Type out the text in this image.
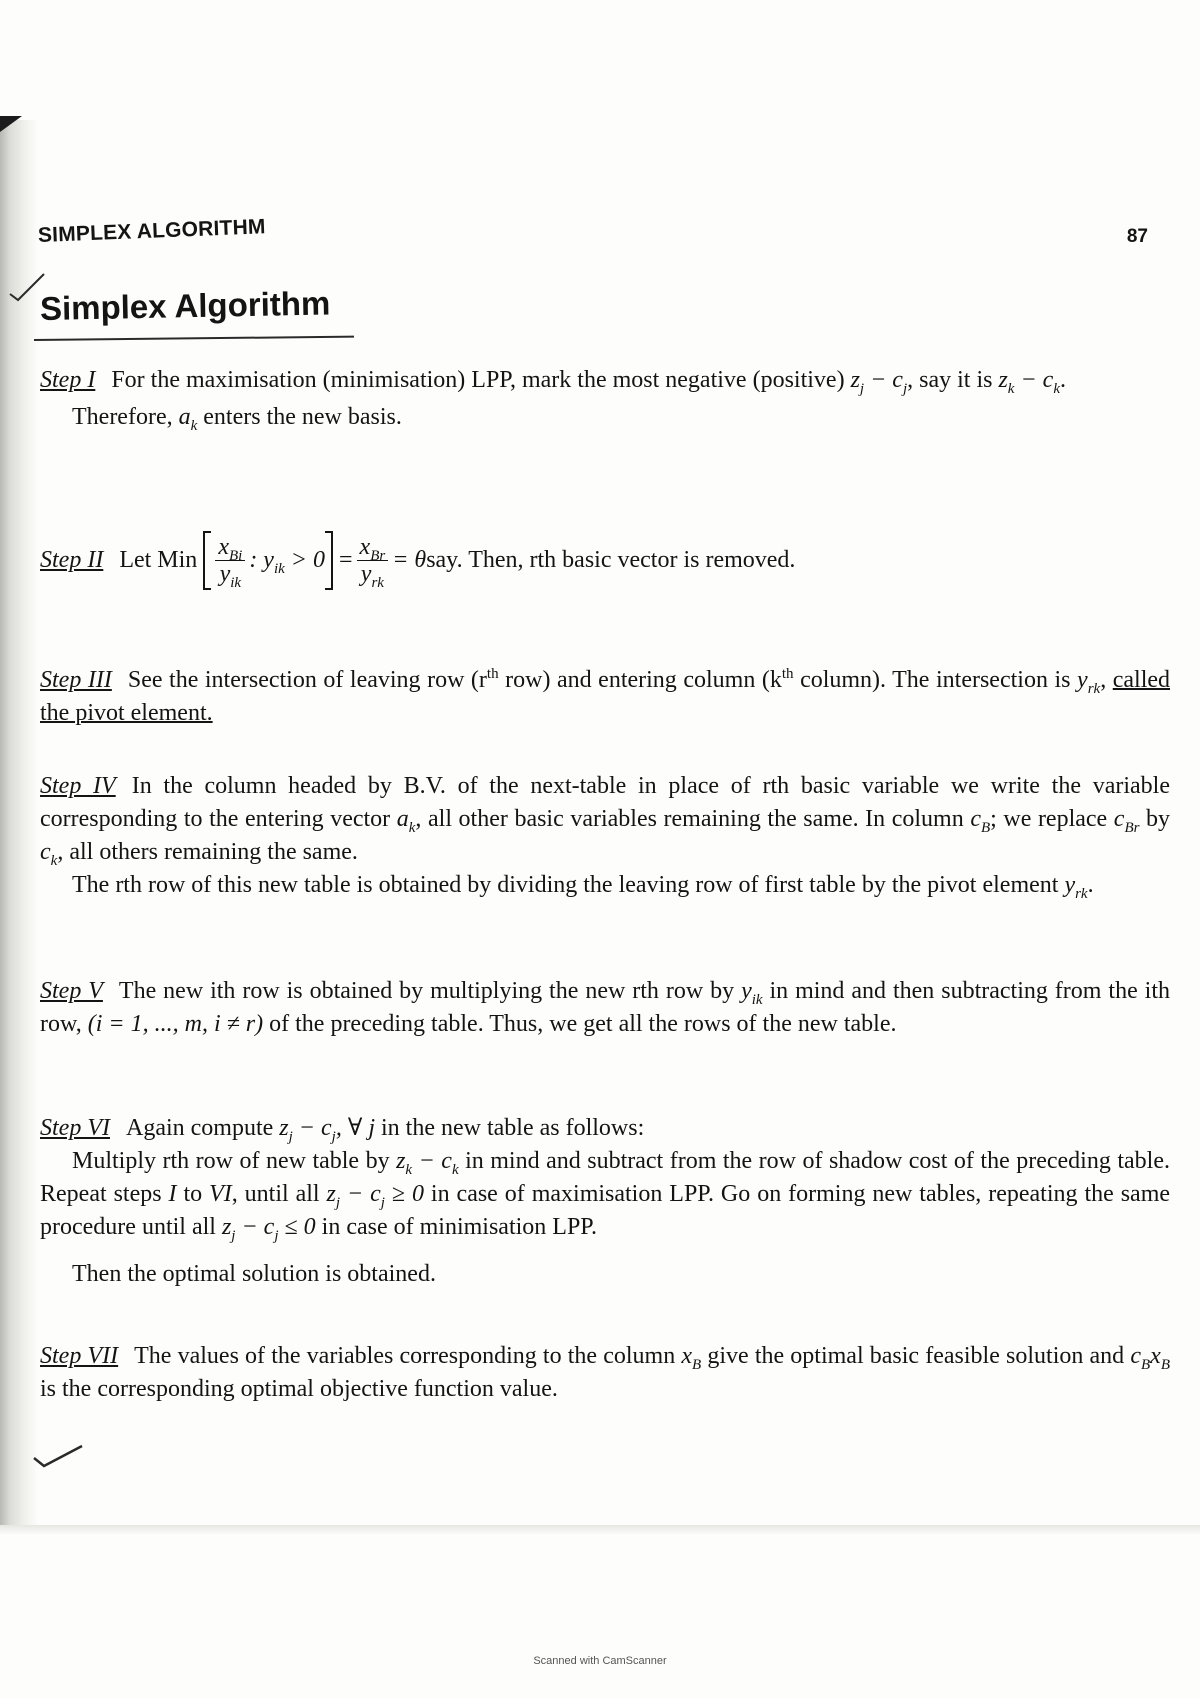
SIMPLEX ALGORITHM	87
Simplex Algorithm

Step I For the maximisation (minimisation) LPP, mark the most negative (positive) $z_j - c_j$, say it is $z_k - c_k$.

Therefore, $a_k$ enters the new basis.

Step II Let Min $\frac{x_{Bi}}{y_{ik}}$ : $y_{ik} > 0 = \frac{x_{Br}}{y_{rk}} = \theta$ say. Then, rth basic vector is removed.

Step III See the intersection of leaving row ($r^{th}$ row) and entering column ($k^{th}$ column). The intersection is $y_{rk}$, called the pivot element.

Step IV In the column headed by B.V. of the next-table in place of rth basic variable we write the variable corresponding to the entering vector $a_k$, all other basic variables remaining the same. In column $c_B$; we replace $c_{Br}$ by $c_k$, all others remaining the same.

The rth row of this new table is obtained by dividing the leaving row of first table by the pivot element $y_{rk}$.

Step V The new ith row is obtained by multiplying the new rth row by $y_{ik}$ in mind and then subtracting from the ith row, (i = 1, ..., m, i ≠ r) of the preceding table. Thus, we get all the rows of the new table.

Step VI Again compute $z_j - c_j$, ∀ j in the new table as follows:

Multiply rth row of new table by $z_k - c_k$ in mind and subtract from the row of shadow cost of the preceding table. Repeat steps I to VI, until all $z_j - c_j \ge 0$ in case of maximisation LPP. Go on forming new tables, repeating the same procedure until all $z_j - c_j \le 0$ in case of minimisation LPP.

Then the optimal solution is obtained.

Step VII The values of the variables corresponding to the column $x_B$ give the optimal basic feasible solution and $c_Bx_B$ is the corresponding optimal objective function value.

Scanned with CamScanner
